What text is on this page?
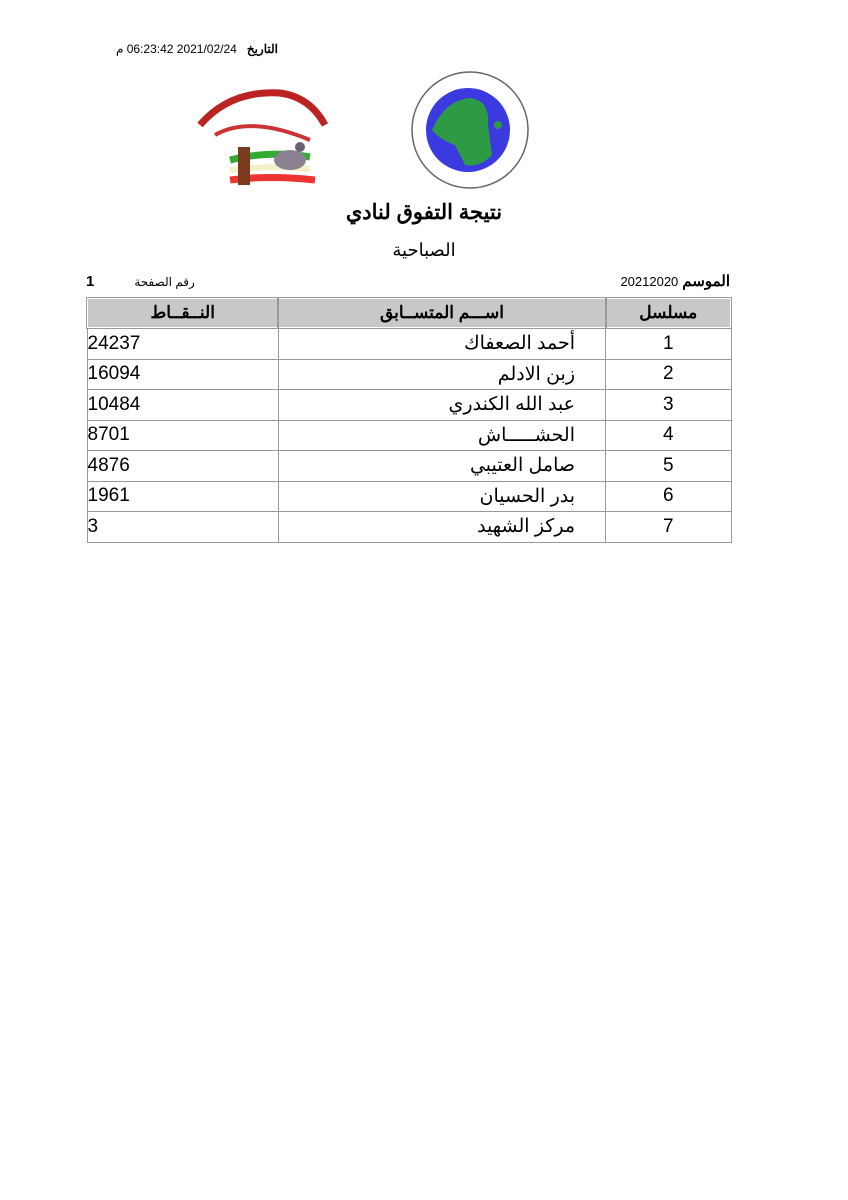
التاريخ2021/02/24 06:23:42 م
نتيجة التفوق لنادي
الصباحية
الموسم20212020
1	رقم الصفحة
مسلسل	اســـم المتســابق	النــقــاط
1	أحمد الصعفاك	24237
2	زبن الادلم	16094
3	عبد الله الكندري	10484
4	الحشـــــاش	8701
5	صامل العتيبي	4876
6	بدر الحسيان	1961
7	مركز الشهيد	3
